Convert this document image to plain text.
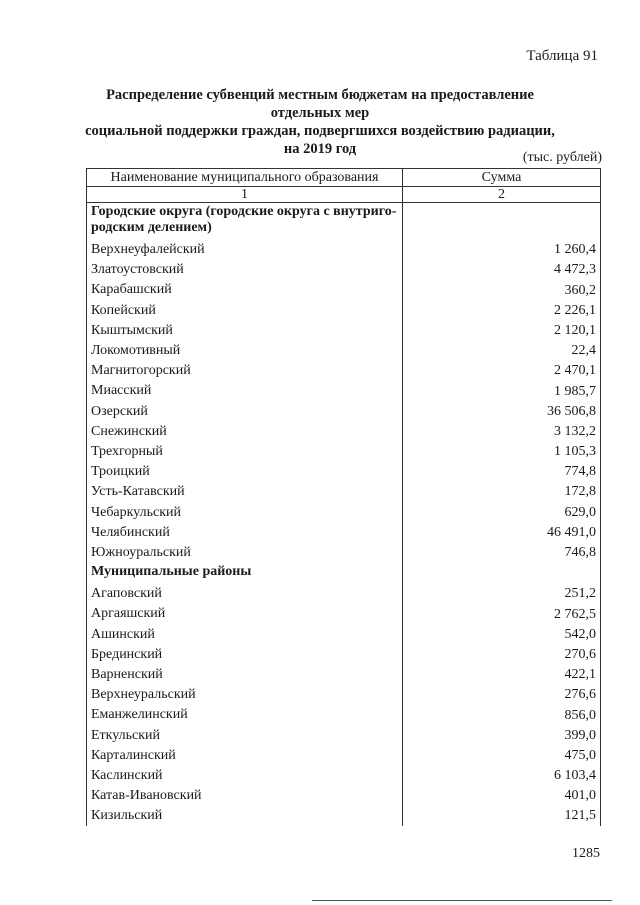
Таблица 91
Распределение субвенций местным бюджетам на предоставление отдельных мер
социальной поддержки граждан, подвергшихся воздействию радиации,
на 2019 год
(тыс. рублей)
Наименование муниципального образования	Сумма
1	2
Городские округа (городские округа с внутриго-родским делением)	
Верхнеуфалейский	1 260,4
Златоустовский	4 472,3
Карабашский	360,2
Копейский	2 226,1
Кыштымский	2 120,1
Локомотивный	22,4
Магнитогорский	2 470,1
Миасский	1 985,7
Озерский	36 506,8
Снежинский	3 132,2
Трехгорный	1 105,3
Троицкий	774,8
Усть-Катавский	172,8
Чебаркульский	629,0
Челябинский	46 491,0
Южноуральский	746,8
Муниципальные районы	
Агаповский	251,2
Аргаяшский	2 762,5
Ашинский	542,0
Брединский	270,6
Варненский	422,1
Верхнеуральский	276,6
Еманжелинский	856,0
Еткульский	399,0
Карталинский	475,0
Каслинский	6 103,4
Катав-Ивановский	401,0
Кизильский	121,5
1285
